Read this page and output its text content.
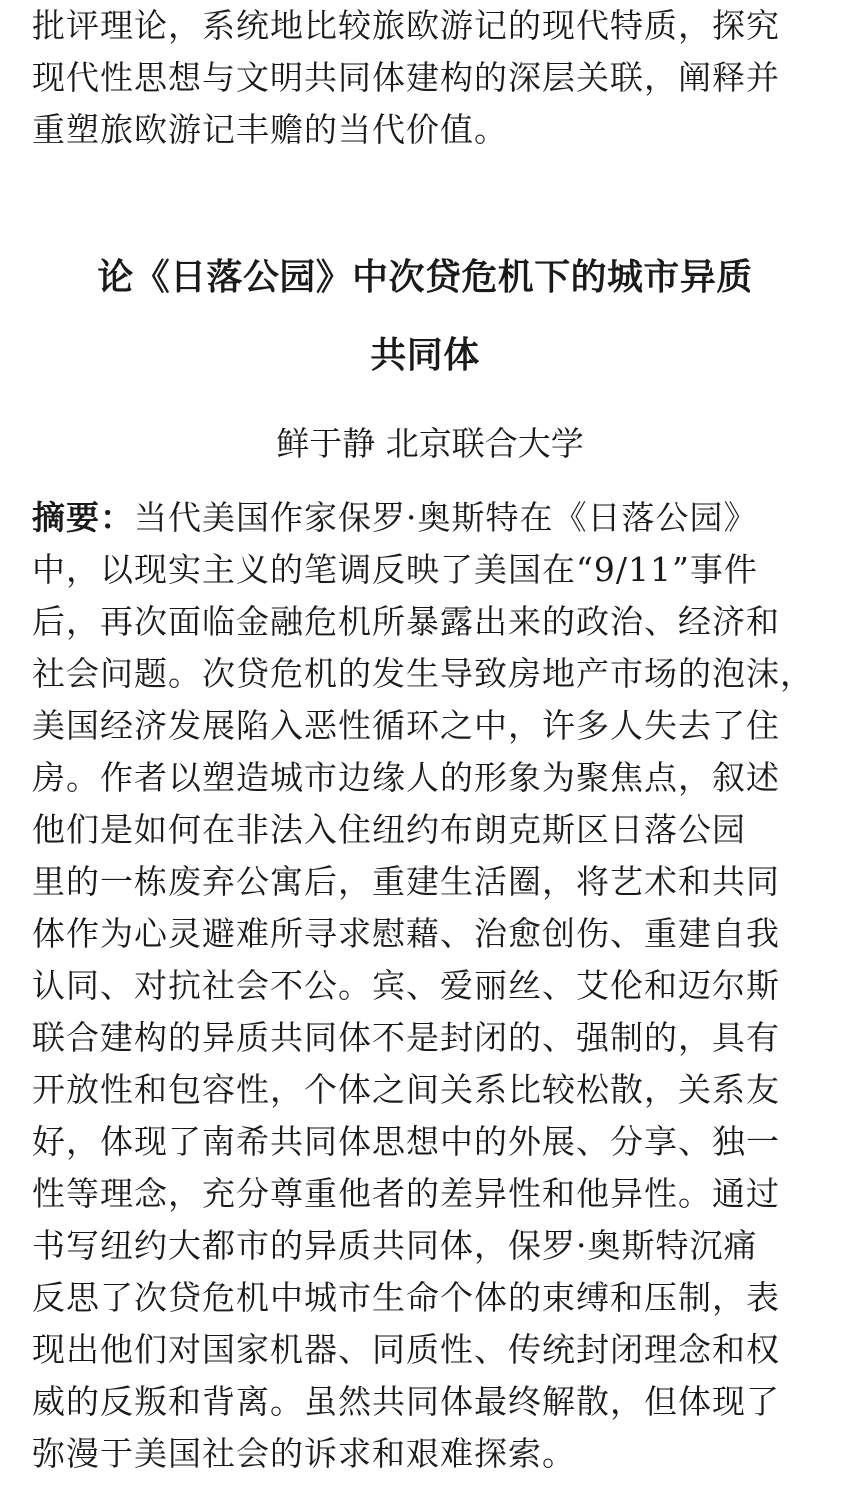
批评理论，系统地比较旅欧游记的现代特质，探究
现代性思想与文明共同体建构的深层关联，阐释并
重塑旅欧游记丰赡的当代价值。
论《日落公园》中次贷危机下的城市异质
共同体
鲜于静 北京联合大学
摘要：当代美国作家保罗·奥斯特在《日落公园》
中，以现实主义的笔调反映了美国在“9/11”事件
后，再次面临金融危机所暴露出来的政治、经济和
社会问题。次贷危机的发生导致房地产市场的泡沫，
美国经济发展陷入恶性循环之中，许多人失去了住
房。作者以塑造城市边缘人的形象为聚焦点，叙述
他们是如何在非法入住纽约布朗克斯区日落公园
里的一栋废弃公寓后，重建生活圈，将艺术和共同
体作为心灵避难所寻求慰藉、治愈创伤、重建自我
认同、对抗社会不公。宾、爱丽丝、艾伦和迈尔斯
联合建构的异质共同体不是封闭的、强制的，具有
开放性和包容性，个体之间关系比较松散，关系友
好，体现了南希共同体思想中的外展、分享、独一
性等理念，充分尊重他者的差异性和他异性。通过
书写纽约大都市的异质共同体，保罗·奥斯特沉痛
反思了次贷危机中城市生命个体的束缚和压制，表
现出他们对国家机器、同质性、传统封闭理念和权
威的反叛和背离。虽然共同体最终解散，但体现了
弥漫于美国社会的诉求和艰难探索。
